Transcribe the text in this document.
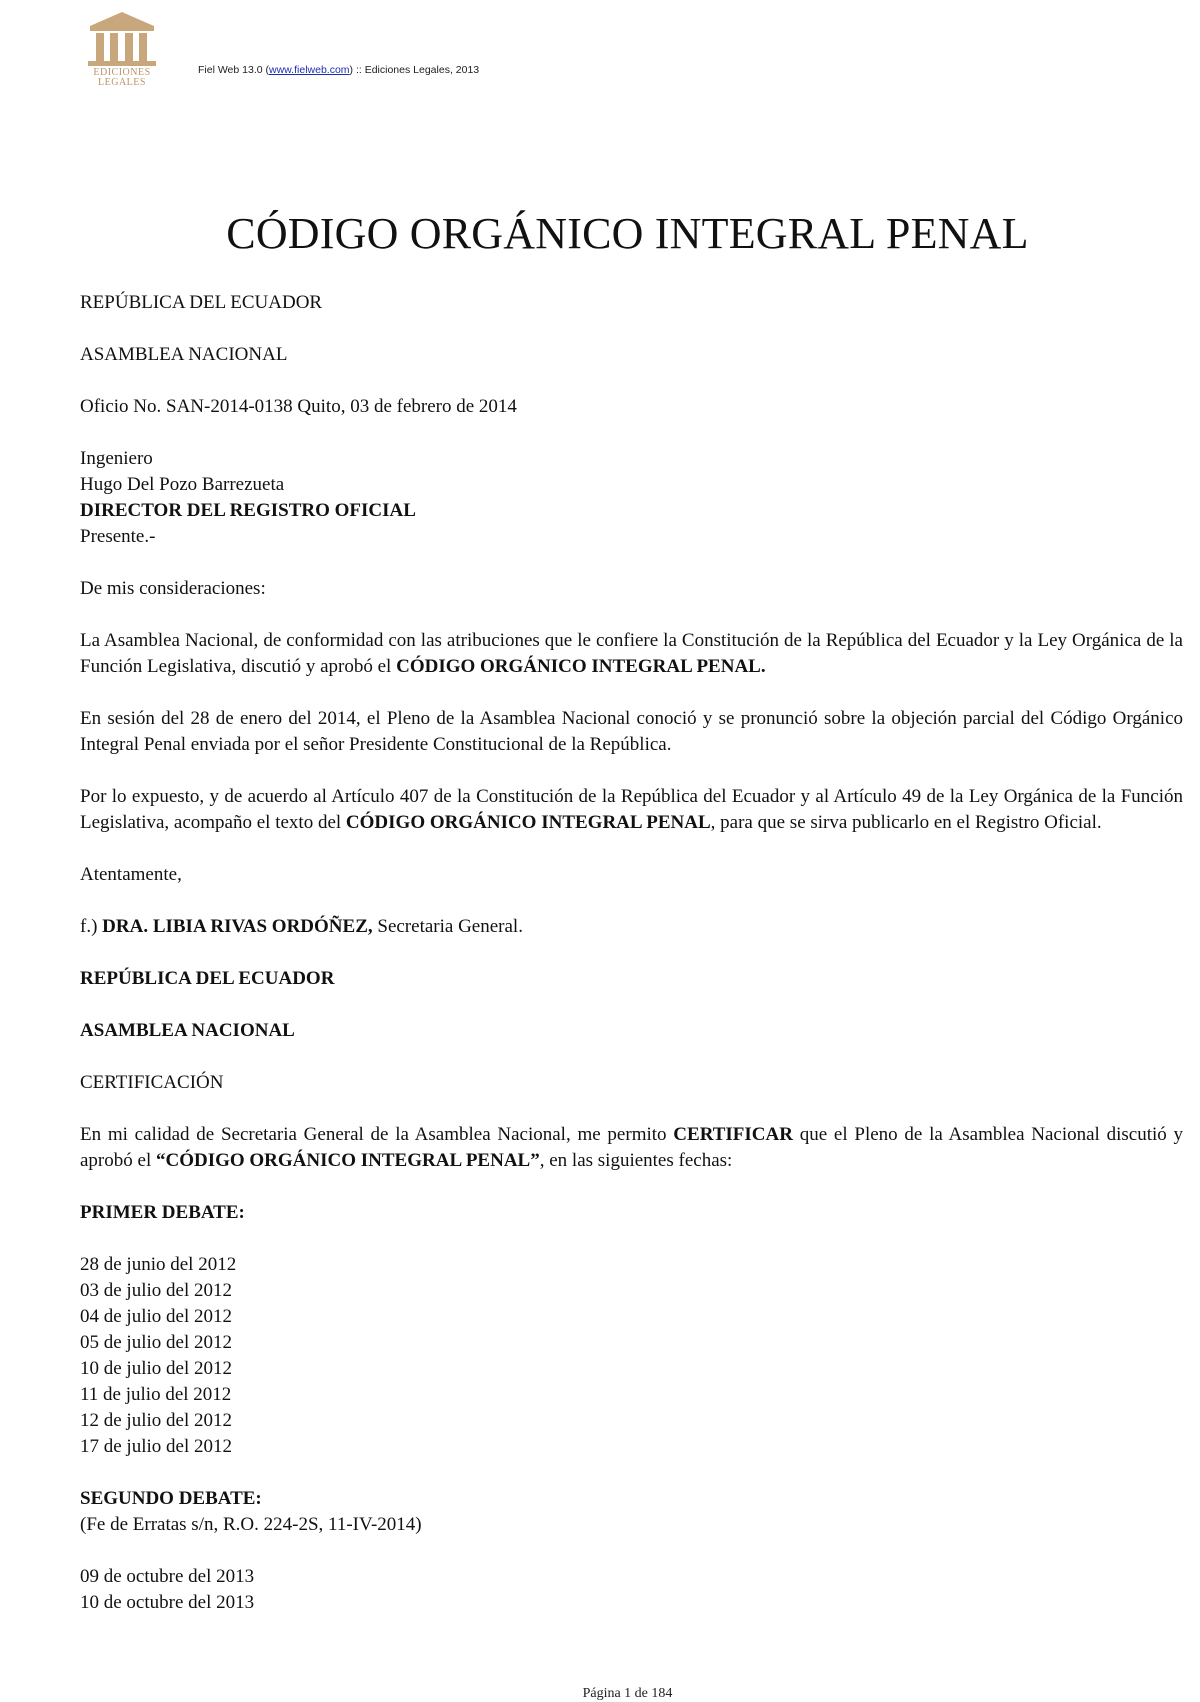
EDICIONES LEGALES
Fiel Web 13.0 (www.fielweb.com) :: Ediciones Legales, 2013
CÓDIGO ORGÁNICO INTEGRAL PENAL

REPÚBLICA DEL ECUADOR

ASAMBLEA NACIONAL

Oficio No. SAN-2014-0138 Quito, 03 de febrero de 2014

Ingeniero
Hugo Del Pozo Barrezueta
DIRECTOR DEL REGISTRO OFICIAL
Presente.-

De mis consideraciones:

La Asamblea Nacional, de conformidad con las atribuciones que le confiere la Constitución de la República del Ecuador y la Ley Orgánica de la Función Legislativa, discutió y aprobó el CÓDIGO ORGÁNICO INTEGRAL PENAL.

En sesión del 28 de enero del 2014, el Pleno de la Asamblea Nacional conoció y se pronunció sobre la objeción parcial del Código Orgánico Integral Penal enviada por el señor Presidente Constitucional de la República.

Por lo expuesto, y de acuerdo al Artículo 407 de la Constitución de la República del Ecuador y al Artículo 49 de la Ley Orgánica de la Función Legislativa, acompaño el texto del CÓDIGO ORGÁNICO INTEGRAL PENAL, para que se sirva publicarlo en el Registro Oficial.

Atentamente,

f.) DRA. LIBIA RIVAS ORDÓÑEZ, Secretaria General.

REPÚBLICA DEL ECUADOR

ASAMBLEA NACIONAL

CERTIFICACIÓN

En mi calidad de Secretaria General de la Asamblea Nacional, me permito CERTIFICAR que el Pleno de la Asamblea Nacional discutió y aprobó el “CÓDIGO ORGÁNICO INTEGRAL PENAL”, en las siguientes fechas:

PRIMER DEBATE:

28 de junio del 2012
03 de julio del 2012
04 de julio del 2012
05 de julio del 2012
10 de julio del 2012
11 de julio del 2012
12 de julio del 2012
17 de julio del 2012

SEGUNDO DEBATE:
(Fe de Erratas s/n, R.O. 224-2S, 11-IV-2014)

09 de octubre del 2013
10 de octubre del 2013

Página 1 de 184
